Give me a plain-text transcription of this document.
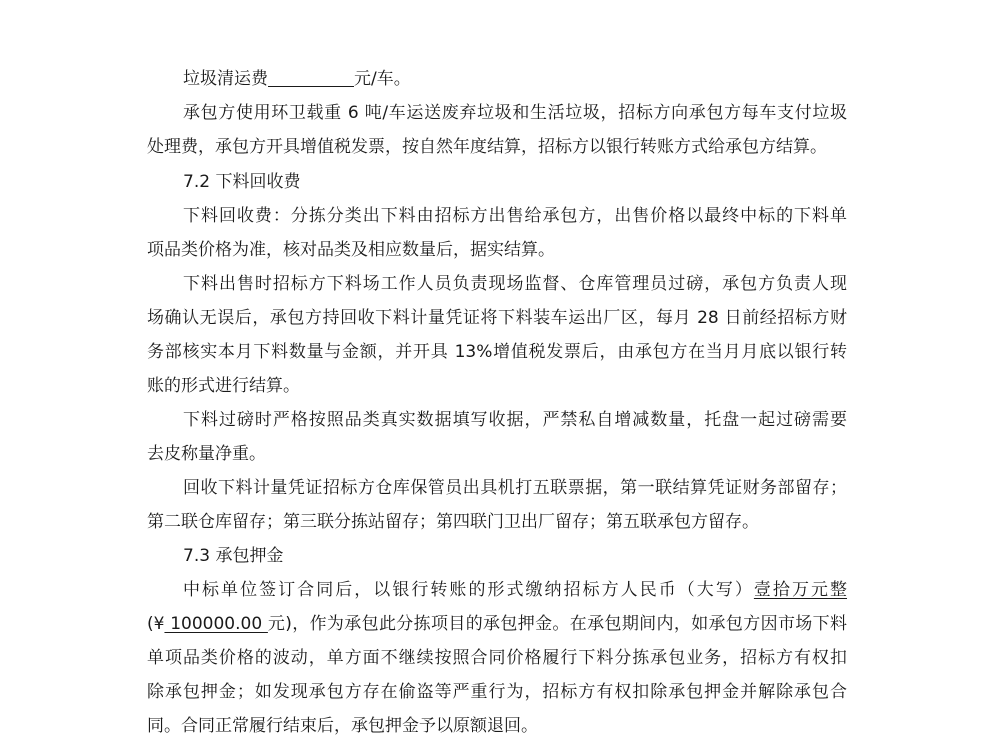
垃圾清运费	元/车。
承包方使用环卫载重 6 吨/车运送废弃垃圾和生活垃圾，招标方向承包方每车支付垃圾
处理费，承包方开具增值税发票，按自然年度结算，招标方以银行转账方式给承包方结算。
7.2 下料回收费
下料回收费：分拣分类出下料由招标方出售给承包方，出售价格以最终中标的下料单
项品类价格为准，核对品类及相应数量后，据实结算。
下料出售时招标方下料场工作人员负责现场监督、仓库管理员过磅，承包方负责人现
场确认无误后，承包方持回收下料计量凭证将下料装车运出厂区，每月 28 日前经招标方财
务部核实本月下料数量与金额，并开具 13%增值税发票后，由承包方在当月月底以银行转
账的形式进行结算。
下料过磅时严格按照品类真实数据填写收据，严禁私自增减数量，托盘一起过磅需要
去皮称量净重。
回收下料计量凭证招标方仓库保管员出具机打五联票据，第一联结算凭证财务部留存；
第二联仓库留存；第三联分拣站留存；第四联门卫出厂留存；第五联承包方留存。
7.3 承包押金
中标单位签订合同后，以银行转账的形式缴纳招标方人民币（大写）壹拾万元整
(¥ 100000.00 元)，作为承包此分拣项目的承包押金。在承包期间内，如承包方因市场下料
单项品类价格的波动，单方面不继续按照合同价格履行下料分拣承包业务，招标方有权扣
除承包押金；如发现承包方存在偷盗等严重行为，招标方有权扣除承包押金并解除承包合
同。合同正常履行结束后，承包押金予以原额退回。
